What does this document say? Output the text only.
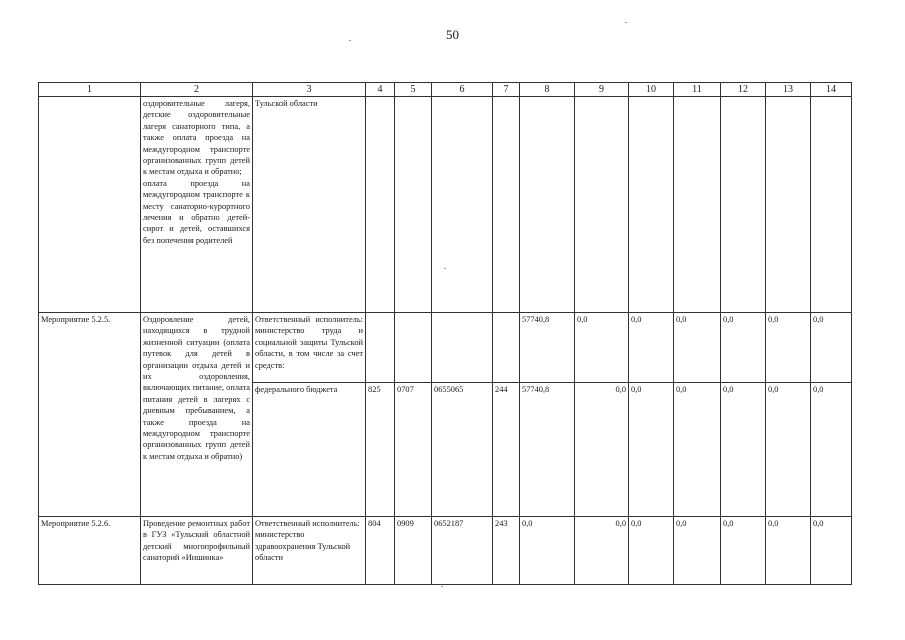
50
1	2	3	4	5	6	7	8	9	10	11	12	13	14
	оздоровительные лагеря, детские оздоровительные лагеря санаторного типа, а также оплата проезда на междугородном транспорте организованных групп детей к местам отдыха и обратно;
оплата проезда на междугородном транспорте к месту санаторно-курортного лечения и обратно детей-сирот и детей, оставшихся без попечения родителей	Тульской области											
Мероприятие 5.2.5.	Оздоровление детей, находящихся в трудной жизненной ситуации (оплата путевок для детей в организации отдыха детей и их оздоровления, включающих питание, оплата питания детей в лагерях с дневным пребыванием, а также проезда на междугородном транспорте организованных групп детей к местам отдыха и обратно)	Ответственный исполнитель: министерство труда и социальной защиты Тульской области, в том числе за счет средств:					57740,8	0,0	0,0	0,0	0,0	0,0	0,0
		федерального бюджета	825	0707	0655065	244	57740,8	0,0	0,0	0,0	0,0	0,0	0,0
Мероприятие 5.2.6.	Проведение ремонтных работ в ГУЗ «Тульский областной детский многопрофильный санаторий «Иншинка»	Ответственный исполнитель: министерство здравоохранения Тульской области	804	0909	0652187	243	0,0	0,0	0,0	0,0	0,0	0,0	0,0
